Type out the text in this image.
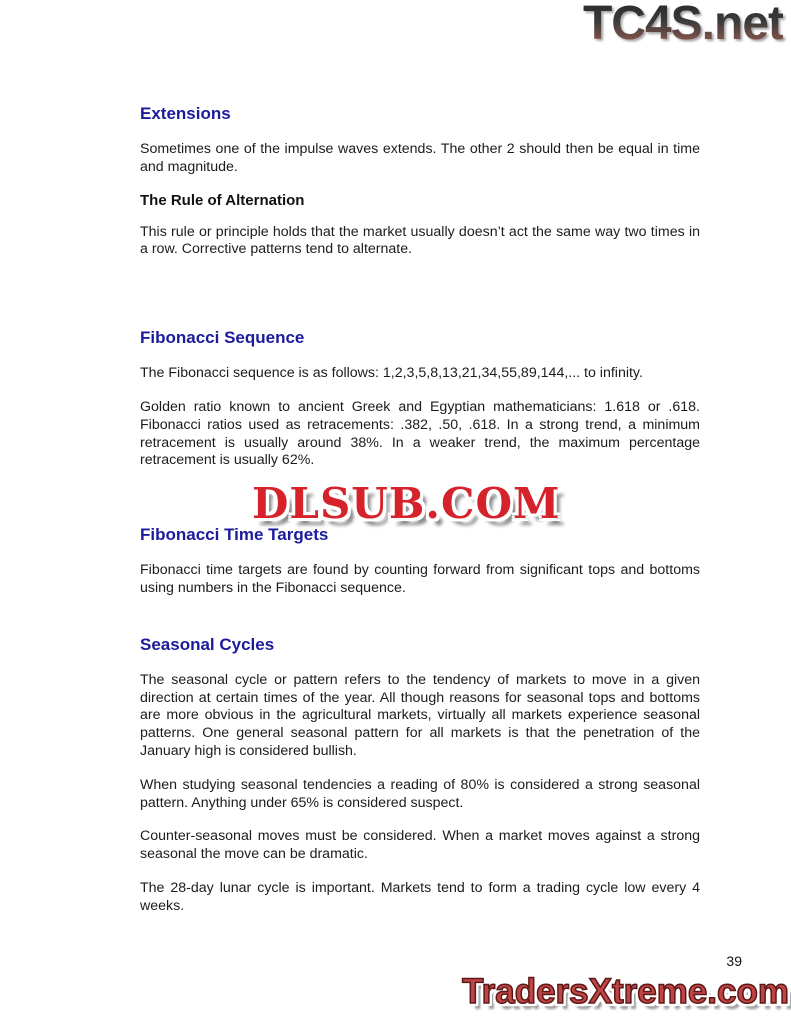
TC4S.net
Extensions

Sometimes one of the impulse waves extends. The other 2 should then be equal in time and magnitude.

The Rule of Alternation

This rule or principle holds that the market usually doesn’t act the same way two times in a row. Corrective patterns tend to alternate.

Fibonacci Sequence

The Fibonacci sequence is as follows: 1,2,3,5,8,13,21,34,55,89,144,... to infinity.

Golden ratio known to ancient Greek and Egyptian mathematicians: 1.618 or .618. Fibonacci ratios used as retracements: .382, .50, .618. In a strong trend, a minimum retracement is usually around 38%. In a weaker trend, the maximum percentage retracement is usually 62%.

Fibonacci Time Targets

Fibonacci time targets are found by counting forward from significant tops and bottoms using numbers in the Fibonacci sequence.

Seasonal Cycles

The seasonal cycle or pattern refers to the tendency of markets to move in a given direction at certain times of the year. All though reasons for seasonal tops and bottoms are more obvious in the agricultural markets, virtually all markets experience seasonal patterns. One general seasonal pattern for all markets is that the penetration of the January high is considered bullish.

When studying seasonal tendencies a reading of 80% is considered a strong seasonal pattern. Anything under 65% is considered suspect.

Counter-seasonal moves must be considered. When a market moves against a strong seasonal the move can be dramatic.

The 28-day lunar cycle is important. Markets tend to form a trading cycle low every 4 weeks.

DLSUB.COM
39
TradersXtreme.com
